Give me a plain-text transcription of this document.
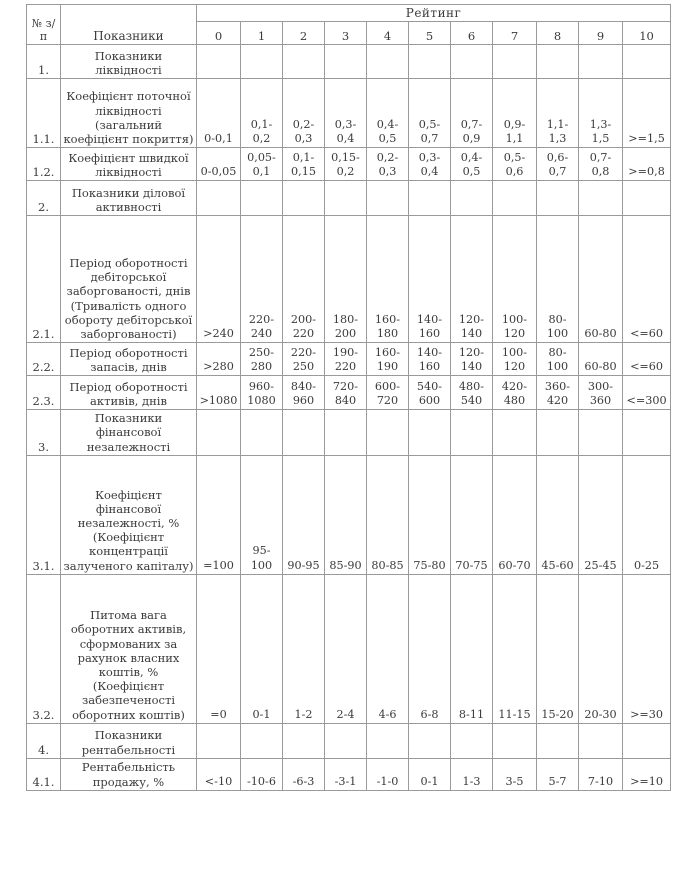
№ з/п	Показники	Рейтинг										
		0	1	2	3	4	5	6	7	8	9	10
1.	Показники ліквідності											
1.1.	Коефіцієнт поточної ліквідності (загальний коефіцієнт покриття)	0-0,1	0,1-0,2	0,2-0,3	0,3-0,4	0,4-0,5	0,5-0,7	0,7-0,9	0,9-1,1	1,1-1,3	1,3-1,5	>=1,5
1.2.	Коефіцієнт швидкої ліквідності	0-0,05	0,05-0,1	0,1-0,15	0,15-0,2	0,2-0,3	0,3-0,4	0,4-0,5	0,5-0,6	0,6-0,7	0,7-0,8	>=0,8
2.	Показники ділової активності											
2.1.	Період оборотності дебіторської заборгованості, днів (Тривалість одного обороту дебіторської заборгованості)	>240	220-240	200-220	180-200	160-180	140-160	120-140	100-120	80-100	60-80	<=60
2.2.	Період оборотності запасів, днів	>280	250-280	220-250	190-220	160-190	140-160	120-140	100-120	80-100	60-80	<=60
2.3.	Період оборотності активів, днів	>1080	960-1080	840-960	720-840	600-720	540-600	480-540	420-480	360-420	300-360	<=300
3.	Показники фінансової незалежності											
3.1.	Коефіцієнт фінансової незалежності, % (Коефіцієнт концентрації залученого капіталу)	=100	95-100	90-95	85-90	80-85	75-80	70-75	60-70	45-60	25-45	0-25
3.2.	Питома вага оборотних активів, сформованих за рахунок власних коштів, % (Коефіцієнт забезпеченості оборотних коштів)	=0	0-1	1-2	2-4	4-6	6-8	8-11	11-15	15-20	20-30	>=30
4.	Показники рентабельності											
4.1.	Рентабельність продажу, %	<-10	-10-6	-6-3	-3-1	-1-0	0-1	1-3	3-5	5-7	7-10	>=10
